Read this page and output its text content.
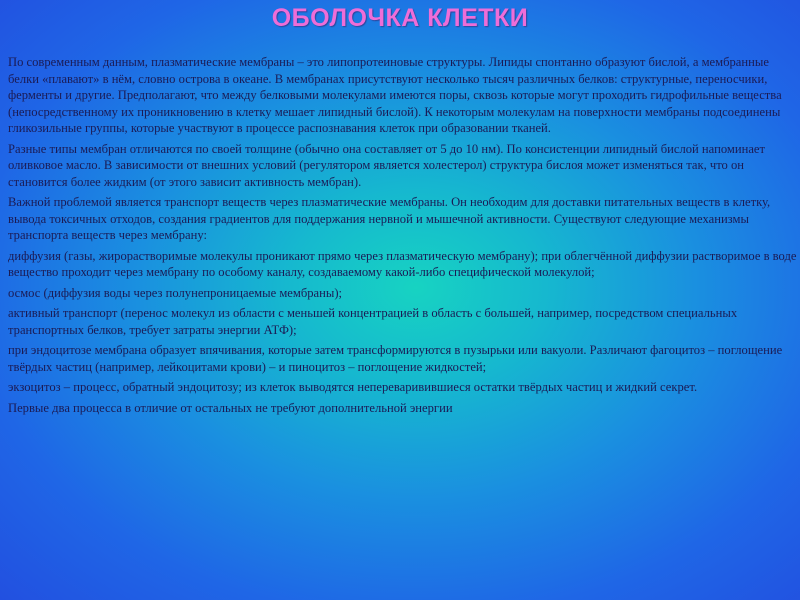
ОБОЛОЧКА КЛЕТКИ

По современным данным, плазматические мембраны – это липопротеиновые структуры. Липиды спонтанно образуют бислой, а мембранные белки «плавают» в нём, словно острова в океане. В мембранах присутствуют несколько тысяч различных белков: структурные, переносчики, ферменты и другие. Предполагают, что между белковыми молекулами имеются поры, сквозь которые могут проходить гидрофильные вещества (непосредственному их проникновению в клетку мешает липидный бислой). К некоторым молекулам на поверхности мембраны подсоединены гликозильные группы, которые участвуют в процессе распознавания клеток при образовании тканей.

Разные типы мембран отличаются по своей толщине (обычно она составляет от 5 до 10 нм). По консистенции липидный бислой напоминает оливковое масло. В зависимости от внешних условий (регулятором является холестерол) структура бислоя может изменяться так, что он становится более жидким (от этого зависит активность мембран).

Важной проблемой является транспорт веществ через плазматические мембраны. Он необходим для доставки питательных веществ в клетку, вывода токсичных отходов, создания градиентов для поддержания нервной и мышечной активности. Существуют следующие механизмы транспорта веществ через мембрану:

диффузия (газы, жирорастворимые молекулы проникают прямо через плазматическую мембрану); при облегчённой диффузии растворимое в воде вещество проходит через мембрану по особому каналу, создаваемому какой-либо специфической молекулой;

осмос (диффузия воды через полунепроницаемые мембраны);

активный транспорт (перенос молекул из области с меньшей концентрацией в область с большей, например, посредством специальных транспортных белков, требует затраты энергии АТФ);

при эндоцитозе мембрана образует впячивания, которые затем трансформируются в пузырьки или вакуоли. Различают фагоцитоз – поглощение твёрдых частиц (например, лейкоцитами крови) – и пиноцитоз – поглощение жидкостей;

экзоцитоз – процесс, обратный эндоцитозу; из клеток выводятся непереваривившиеся остатки твёрдых частиц и жидкий секрет.

Первые два процесса в отличие от остальных не требуют дополнительной энергии
